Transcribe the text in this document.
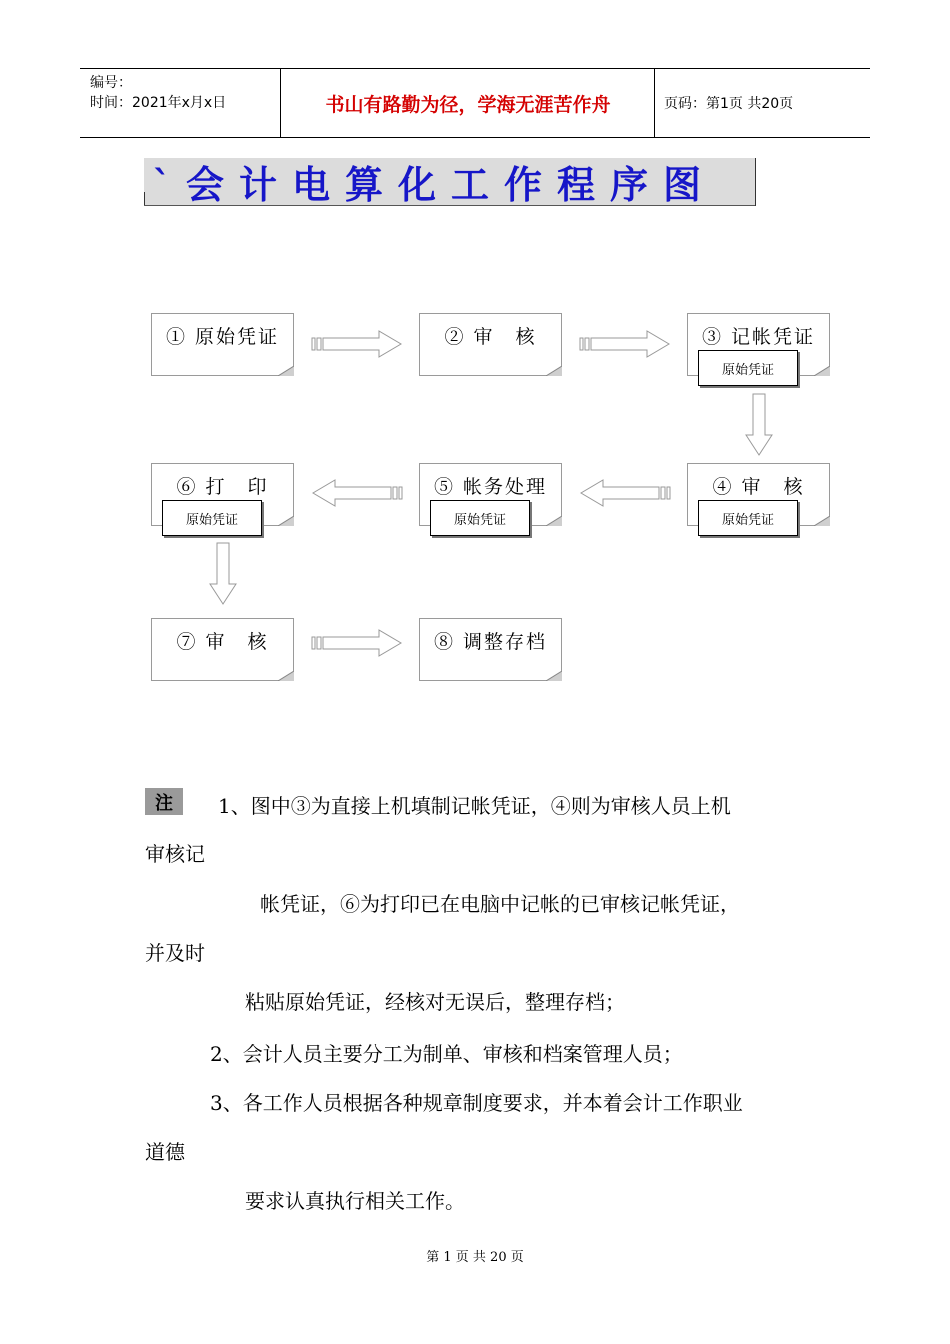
编号：
时间：2021年x月x日	书山有路勤为径，学海无涯苦作舟	页码：第1页 共20页
`会计电算化工作程序图
① 原始凭证	② 审　核	③ 记帐凭证
原始凭证
⑥ 打　印
原始凭证
⑤ 帐务处理
原始凭证
④ 审　核
原始凭证
⑦ 审　核	⑧ 调整存档
注	1、图中③为直接上机填制记帐凭证，④则为审核人员上机
审核记
帐凭证，⑥为打印已在电脑中记帐的已审核记帐凭证，
并及时
粘贴原始凭证，经核对无误后，整理存档；
2、会计人员主要分工为制单、审核和档案管理人员；
3、各工作人员根据各种规章制度要求，并本着会计工作职业
道德
要求认真执行相关工作。
第 1 页 共 20 页
